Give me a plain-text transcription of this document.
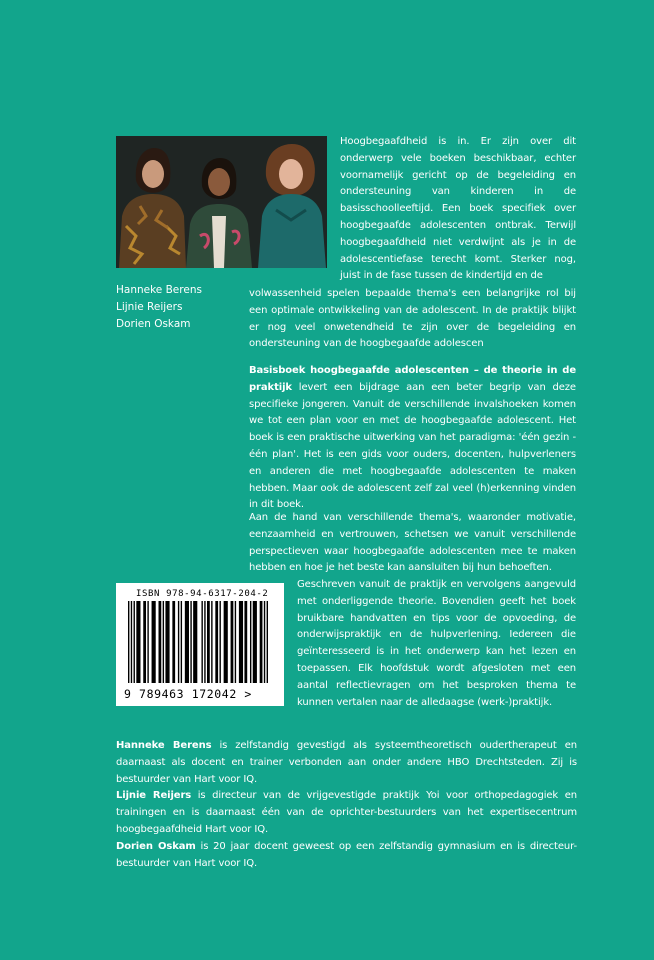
Hanneke Berens
Lijnie Reijers
Dorien Oskam
Hoogbegaafdheid is in. Er zijn over dit onderwerp vele boeken beschikbaar, echter voornamelijk gericht op de begeleiding en ondersteuning van kinderen in de basisschoolleeftijd. Een boek specifiek over hoogbegaafde adolescenten ontbrak. Terwijl hoogbegaafdheid niet verdwijnt als je in de adolescentiefase terecht komt. Sterker nog, juist in de fase tussen de kindertijd en de
volwassenheid spelen bepaalde thema's een belangrijke rol bij een optimale ontwikkeling van de adolescent. In de praktijk blijkt er nog veel onwetendheid te zijn over de begeleiding en ondersteuning van de hoogbegaafde adolescen
Basisboek hoogbegaafde adolescenten – de theorie in de praktijk levert een bijdrage aan een beter begrip van deze specifieke jongeren. Vanuit de verschillende invalshoeken komen we tot een plan voor en met de hoogbegaafde adolescent. Het boek is een praktische uitwerking van het paradigma: 'één gezin - één plan'. Het is een gids voor ouders, docenten, hulpverleners en anderen die met hoogbegaafde adolescenten te maken hebben. Maar ook de adolescent zelf zal veel (h)erkenning vinden in dit boek.
Aan de hand van verschillende thema's, waaronder motivatie, eenzaamheid en vertrouwen, schetsen we vanuit verschillende perspectieven waar hoogbegaafde adolescenten mee te maken hebben en hoe je het beste kan aansluiten bij hun behoeften.
Geschreven vanuit de praktijk en vervolgens aangevuld met onderliggende theorie. Bovendien geeft het boek bruikbare handvatten en tips voor de opvoeding, de onderwijspraktijk en de hulpverlening. Iedereen die geïnteresseerd is in het onderwerp kan het lezen en toepassen. Elk hoofdstuk wordt afgesloten met een aantal reflectievragen om het besproken thema te kunnen vertalen naar de alledaagse (werk-)praktijk.
ISBN 978-94-6317-204-2
9 789463 172042 >
Hanneke Berens is zelfstandig gevestigd als systeemtheoretisch oudertherapeut en daarnaast als docent en trainer verbonden aan onder andere HBO Drechtsteden. Zij is bestuurder van Hart voor IQ.
Lijnie Reijers is directeur van de vrijgevestigde praktijk Yoi voor orthopedagogiek en trainingen en is daarnaast één van de oprichter-bestuurders van het expertisecentrum hoogbegaafdheid Hart voor IQ.
Dorien Oskam is 20 jaar docent geweest op een zelfstandig gymnasium en is directeur-bestuurder van Hart voor IQ.
